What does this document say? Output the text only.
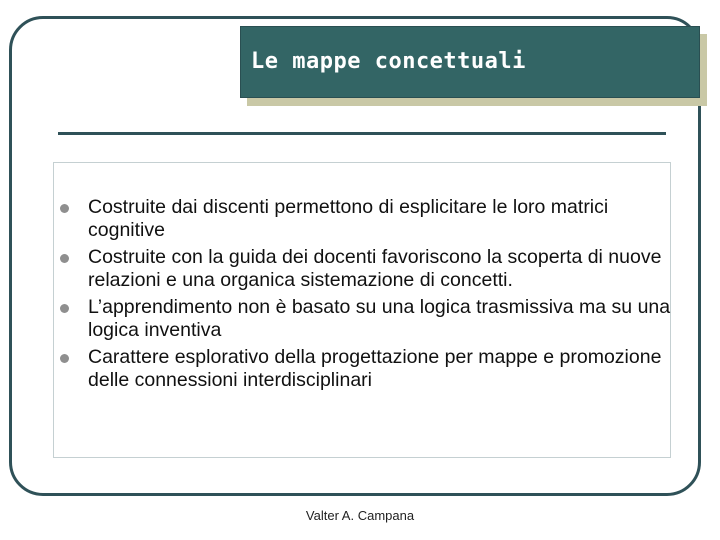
Le mappe concettuali
Costruite dai discenti permettono di esplicitare le loro matrici cognitive
Costruite con la guida dei docenti favoriscono la scoperta di nuove relazioni e una organica sistemazione di concetti.
L’apprendimento non è basato su una logica trasmissiva ma su una logica inventiva
Carattere esplorativo della progettazione per mappe e promozione delle connessioni interdisciplinari
Valter A. Campana
